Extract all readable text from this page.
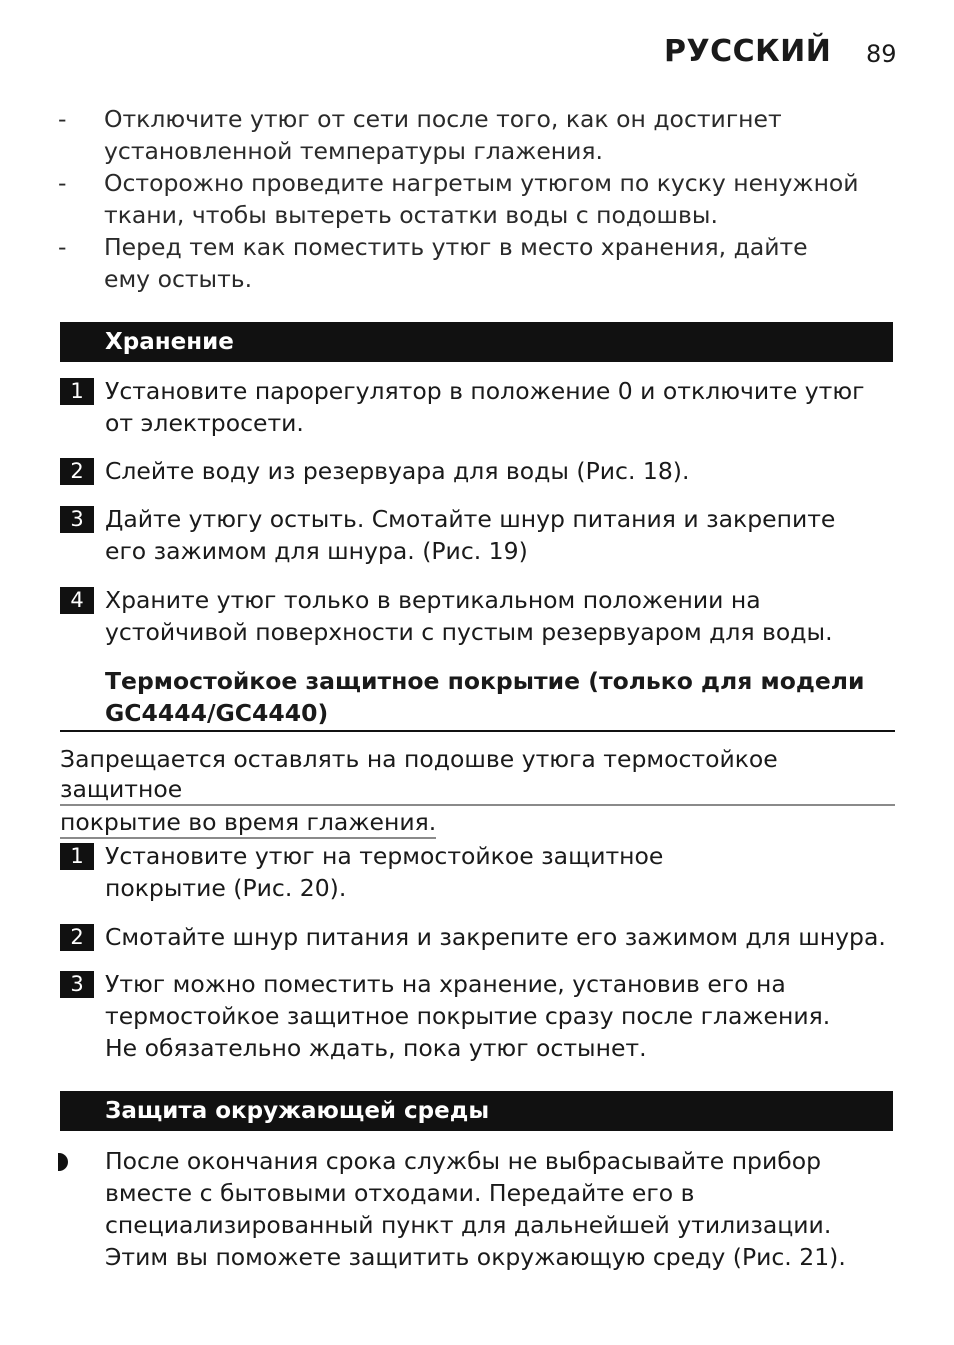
РУССКИЙ 89
- Отключите утюг от сети после того, как он достигнет установленной температуры глажения.
- Осторожно проведите нагретым утюгом по куску ненужной ткани, чтобы вытереть остатки воды с подошвы.
- Перед тем как поместить утюг в место хранения, дайте ему остыть.
Хранение
1 Установите парорегулятор в положение 0 и отключите утюг от электросети.
2 Слейте воду из резервуара для воды (Рис. 18).
3 Дайте утюгу остыть. Смотайте шнур питания и закрепите его зажимом для шнура. (Рис. 19)
4 Храните утюг только в вертикальном положении на устойчивой поверхности с пустым резервуаром для воды.
Термостойкое защитное покрытие (только для модели GC4444/GC4440)
Запрещается оставлять на подошве утюга термостойкое защитное
покрытие во время глажения.
1 Установите утюг на термостойкое защитное покрытие (Рис. 20).
2 Смотайте шнур питания и закрепите его зажимом для шнура.
3 Утюг можно поместить на хранение, установив его на термостойкое защитное покрытие сразу после глажения. Не обязательно ждать, пока утюг остынет.
Защита окружающей среды
После окончания срока службы не выбрасывайте прибор вместе с бытовыми отходами. Передайте его в специализированный пункт для дальнейшей утилизации. Этим вы поможете защитить окружающую среду (Рис. 21).
